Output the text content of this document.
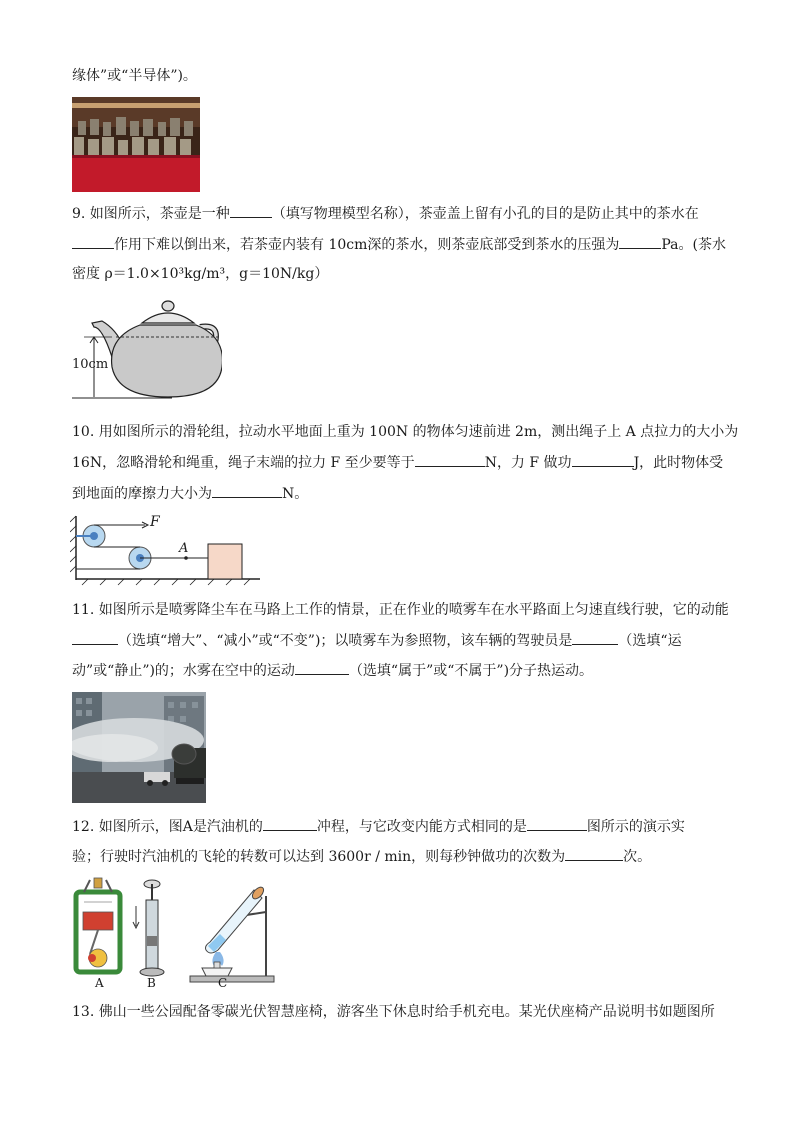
缘体”或“半导体”)。
9. 如图所示，茶壶是一种	（填写物理模型名称），茶壶盖上留有小孔的目的是防止其中的茶水在
作用下难以倒出来，若茶壶内装有 10cm深的茶水，则茶壶底部受到茶水的压强为	Pa。(茶水
密度 ρ＝1.0×10³kg/m³，g＝10N/kg）
10cm
10. 用如图所示的滑轮组，拉动水平地面上重为 100N 的物体匀速前进 2m，测出绳子上 A 点拉力的大小为
16N，忽略滑轮和绳重，绳子末端的拉力 F 至少要等于	N，力 F 做功	J，此时物体受
到地面的摩擦力大小为	N。
F
A
11. 如图所示是喷雾降尘车在马路上工作的情景，正在作业的喷雾车在水平路面上匀速直线行驶，它的动能
（选填“增大”、“减小”或“不变”)；以喷雾车为参照物，该车辆的驾驶员是	（选填“运
动”或“静止”)的；水雾在空中的运动	（选填“属于”或“不属于”)分子热运动。
12. 如图所示，图A是汽油机的	冲程，与它改变内能方式相同的是	图所示的演示实
验；行驶时汽油机的飞轮的转数可以达到 3600r / min，则每秒钟做功的次数为	次。
A	B	C
13. 佛山一些公园配备零碳光伏智慧座椅，游客坐下休息时给手机充电。某光伏座椅产品说明书如题图所
